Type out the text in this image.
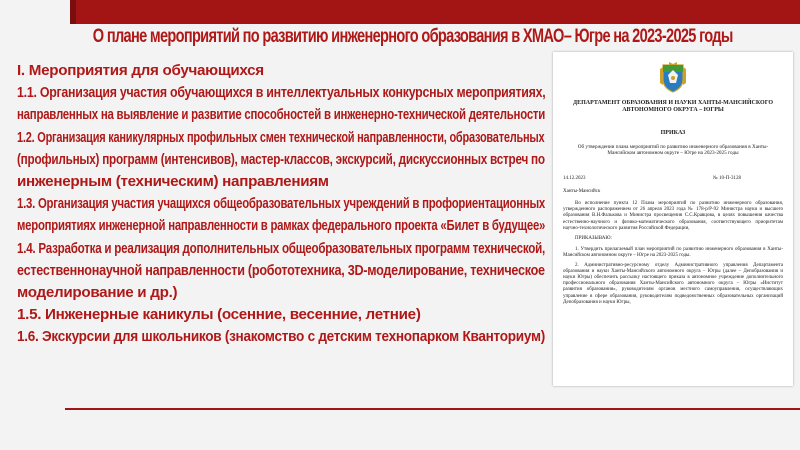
О плане мероприятий по развитию инженерного образования в ХМАО– Югре на 2023-2025 годы
I. Мероприятия для обучающихся
1.1. Организация участия обучающихся в интеллектуальных конкурсных мероприятиях,
направленных на выявление и развитие способностей в инженерно-технической деятельности
1.2. Организация каникулярных профильных смен технической направленности, образовательных
(профильных) программ (интенсивов), мастер-классов, экскурсий, дискуссионных встреч по
инженерным (техническим) направлениям
1.3. Организация участия учащихся общеобразовательных учреждений в профориентационных
мероприятиях инженерной направленности в рамках федерального проекта «Билет в будущее»
1.4. Разработка и реализация дополнительных общеобразовательных программ технической,
естественнонаучной направленности (робототехника, 3D-моделирование, техническое
моделирование и др.)
1.5. Инженерные каникулы (осенние, весенние, летние)
1.6. Экскурсии для школьников (знакомство с детским технопарком Кванториум)
ДЕПАРТАМЕНТ ОБРАЗОВАНИЯ И НАУКИ ХАНТЫ-МАНСИЙСКОГО АВТОНОМНОГО ОКРУГА – ЮГРЫ
ПРИКАЗ
Об утверждении плана мероприятий по развитию инженерного образования в Ханты-Мансийском автономном округе – Югре на 2023-2025 годы
14.12.2023	№ 10-П-3128
Ханты-Мансийск

Во исполнение пункта 12 Плана мероприятий по развитию инженерного образования, утвержденного распоряжением от 26 апреля 2023 года № 178-р/Р-92 Министра науки и высшего образования В.Н.Фалькова и Министра просвещения С.С.Кравцова, в целях повышения качества естественно-научного и физико-математического образования, соответствующего приоритетам научно-технологического развития Российской Федерации,

ПРИКАЗЫВАЮ:

1. Утвердить прилагаемый план мероприятий по развитию инженерного образования в Ханты-Мансийском автономном округе – Югре на 2023-2025 годы.

2. Административно-ресурсному отделу Административного управления Департамента образования и науки Ханты-Мансийского автономного округа – Югры (далее – Депобразования и науки Югры) обеспечить рассылку настоящего приказа в автономное учреждение дополнительного профессионального образования Ханты-Мансийского автономного округа – Югры «Институт развития образования», руководителям органов местного самоуправления, осуществляющих управление в сфере образования, руководителям подведомственных образовательных организаций Депобразования и науки Югры,
